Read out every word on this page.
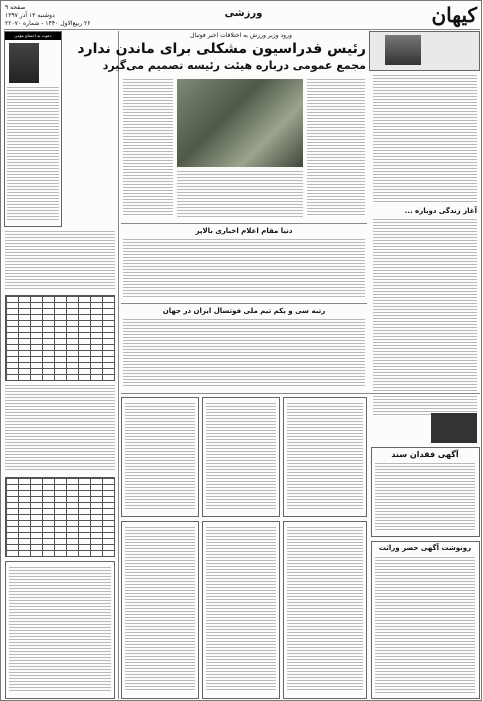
کیهان
ورزشی
صفحه ۹
دوشنبه ۱۳ آذر ۱۳۹۷
۲۶ ربیع‌الاول ۱۴۴۰ - شماره ۲۲۰۷۰
دعوت به اجتماع مؤمن	ورود وزیر ورزش به اختلافات اخیر فوتبال
رئیس فدراسیون مشکلی برای ماندن ندارد
مجمع عمومی درباره هیئت رئیسه تصمیم می‌گیرد
آغاز زندگی دوباره ...
دنیا مقام اعلام اخباری بالاپر
رتبه سی و یکم تیم ملی فوتسال ایران در جهان
آگهی فقدان سند
رونوشت آگهی حصر وراثت
